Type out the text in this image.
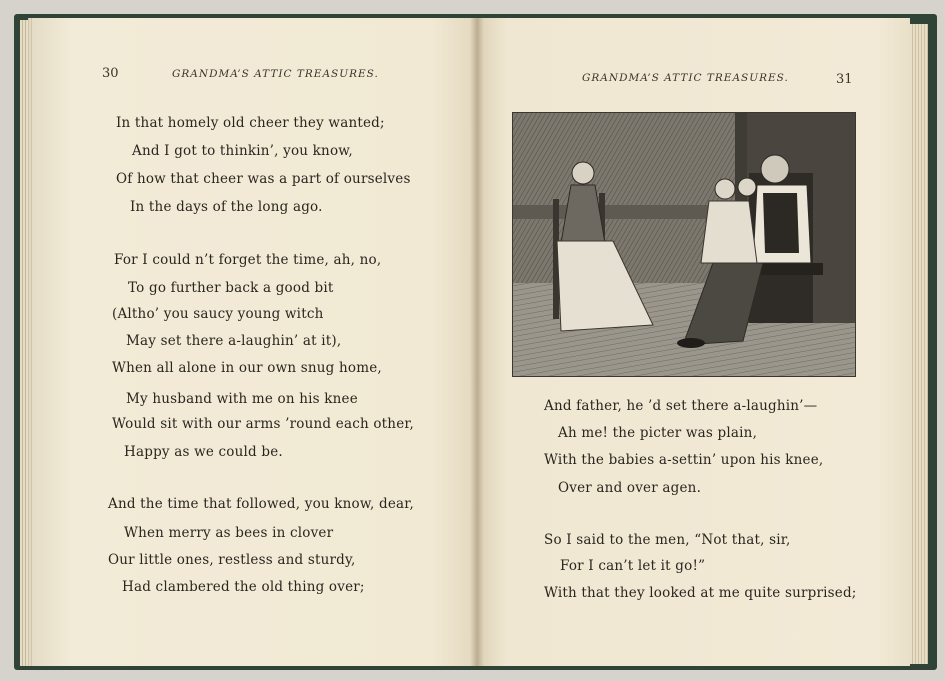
30	GRANDMA’S ATTIC TREASURES.	GRANDMA’S ATTIC TREASURES.	31
In that homely old cheer they wanted;
And I got to thinkin’, you know,
Of how that cheer was a part of ourselves
In the days of the long ago.
For I could n’t forget the time, ah, no,
To go further back a good bit
(Altho’ you saucy young witch
May set there a-laughin’ at it),
When all alone in our own snug home,
My husband with me on his knee
Would sit with our arms ’round each other,
Happy as we could be.
And the time that followed, you know, dear,
When merry as bees in clover
Our little ones, restless and sturdy,
Had clambered the old thing over;
And father, he ’d set there a-laughin’—
Ah me! the picter was plain,
With the babies a-settin’ upon his knee,
Over and over agen.
So I said to the men, “Not that, sir,
For I can’t let it go!”
With that they looked at me quite surprised;
